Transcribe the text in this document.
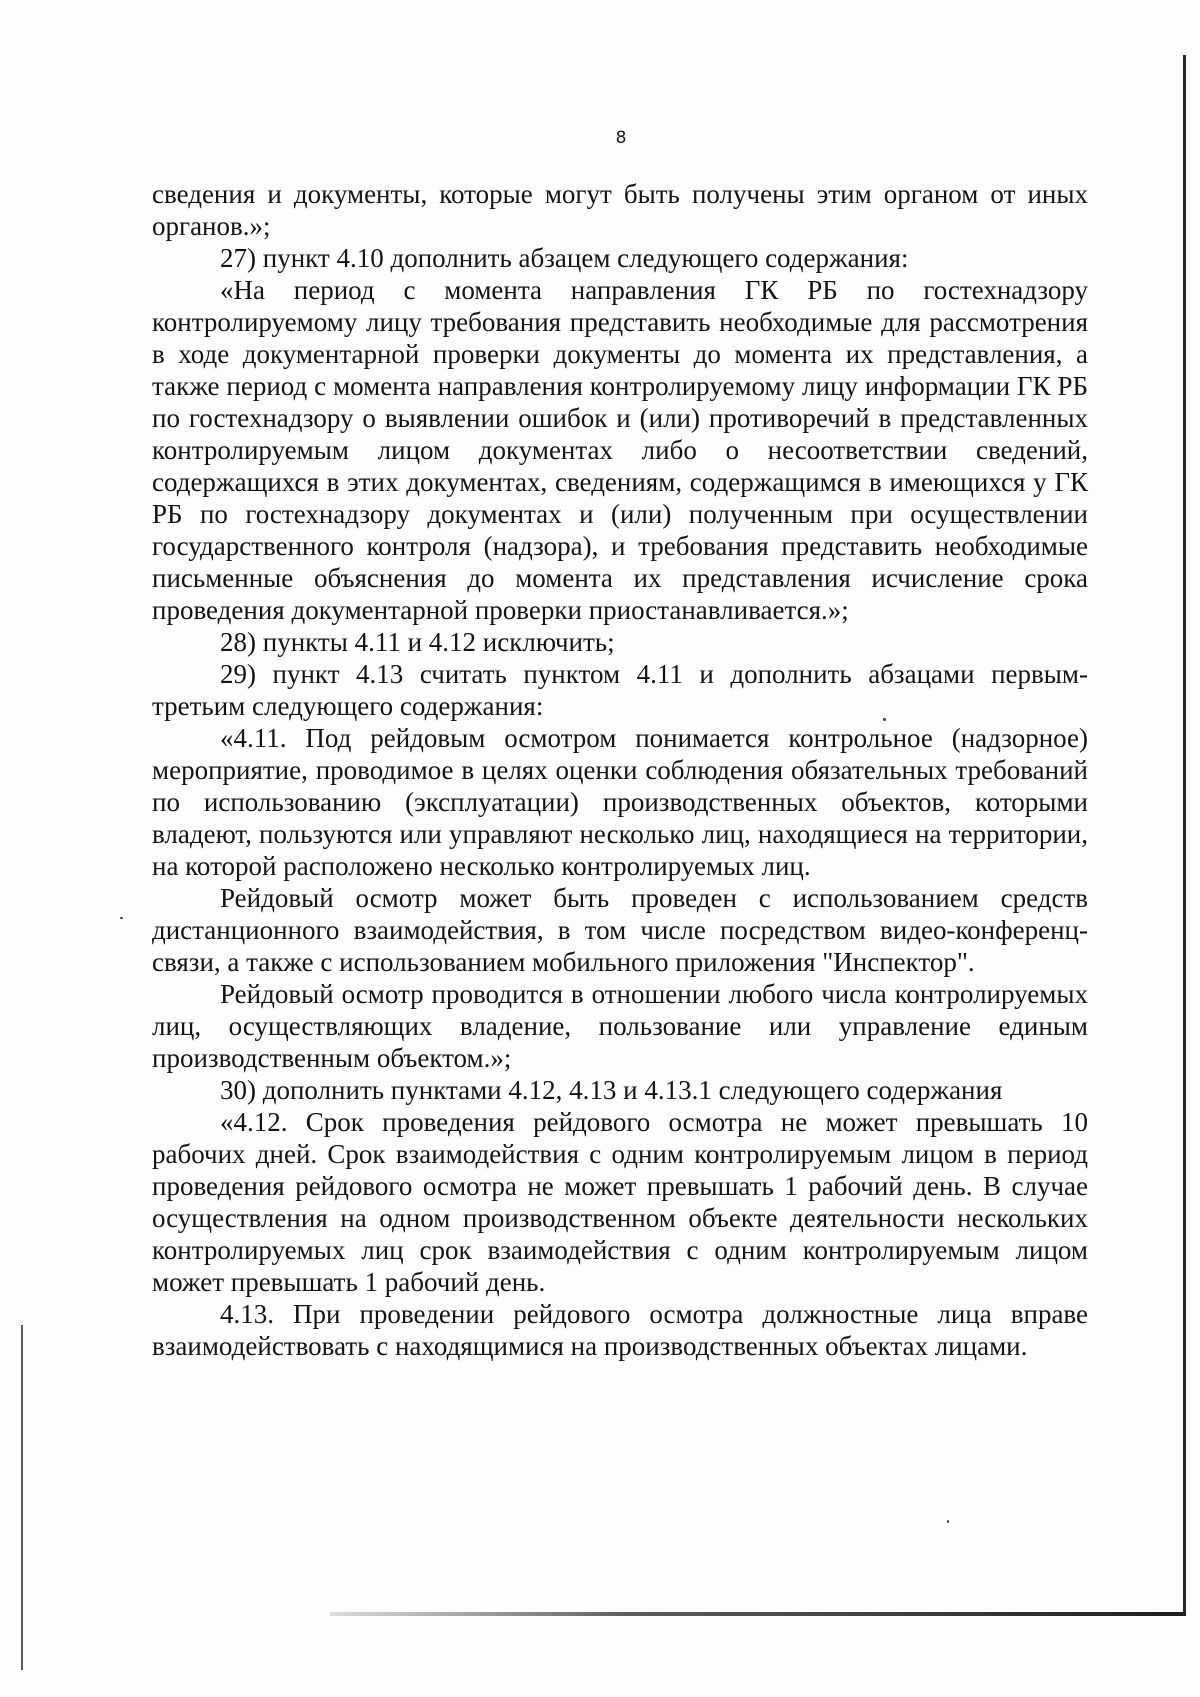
8

сведения и документы, которые могут быть получены этим органом от иных органов.»;

27) пункт 4.10 дополнить абзацем следующего содержания:

«На период с момента направления ГК РБ по гостехнадзору контролируемому лицу требования представить необходимые для рассмотрения в ходе документарной проверки документы до момента их представления, а также период с момента направления контролируемому лицу информации ГК РБ по гостехнадзору о выявлении ошибок и (или) противоречий в представленных контролируемым лицом документах либо о несоответствии сведений, содержащихся в этих документах, сведениям, содержащимся в имеющихся у ГК РБ по гостехнадзору документах и (или) полученным при осуществлении государственного контроля (надзора), и требования представить необходимые письменные объяснения до момента их представления исчисление срока проведения документарной проверки приостанавливается.»;

28) пункты 4.11 и 4.12 исключить;

29) пункт 4.13 считать пунктом 4.11 и дополнить абзацами первым-третьим следующего содержания:

«4.11. Под рейдовым осмотром понимается контрольное (надзорное) мероприятие, проводимое в целях оценки соблюдения обязательных требований по использованию (эксплуатации) производственных объектов, которыми владеют, пользуются или управляют несколько лиц, находящиеся на территории, на которой расположено несколько контролируемых лиц.

Рейдовый осмотр может быть проведен с использованием средств дистанционного взаимодействия, в том числе посредством видео-конференц-связи, а также с использованием мобильного приложения "Инспектор".

Рейдовый осмотр проводится в отношении любого числа контролируемых лиц, осуществляющих владение, пользование или управление единым производственным объектом.»;

30) дополнить пунктами 4.12, 4.13 и 4.13.1 следующего содержания

«4.12. Срок проведения рейдового осмотра не может превышать 10 рабочих дней. Срок взаимодействия с одним контролируемым лицом в период проведения рейдового осмотра не может превышать 1 рабочий день. В случае осуществления на одном производственном объекте деятельности нескольких контролируемых лиц срок взаимодействия с одним контролируемым лицом может превышать 1 рабочий день.

4.13. При проведении рейдового осмотра должностные лица вправе взаимодействовать с находящимися на производственных объектах лицами.
